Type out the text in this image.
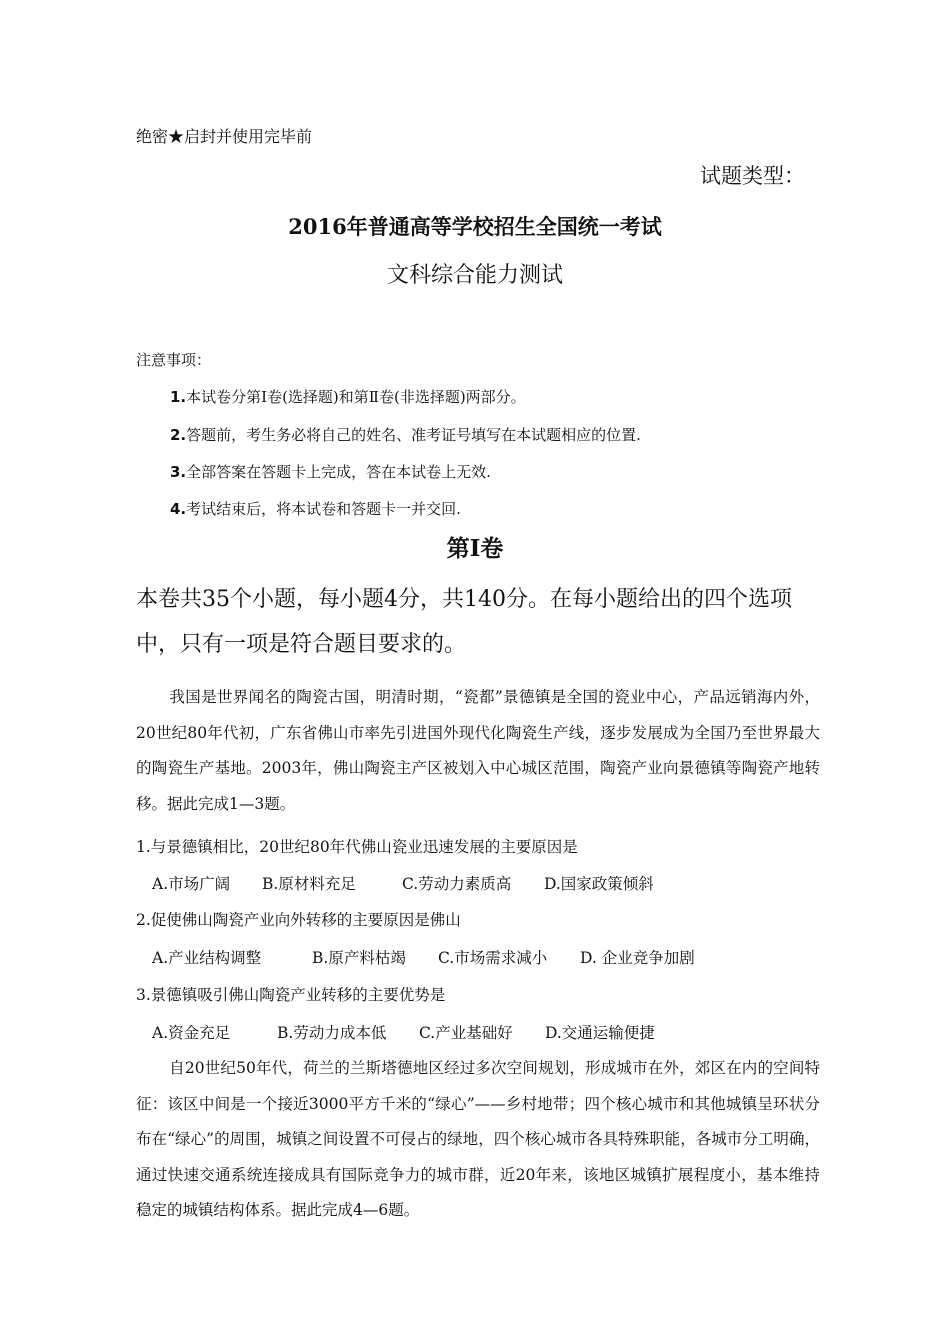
绝密★启封并使用完毕前
试题类型：
2016年普通高等学校招生全国统一考试
文科综合能力测试
注意事项：
1.本试卷分第Ⅰ卷(选择题)和第Ⅱ卷(非选择题)两部分。
2.答题前，考生务必将自己的姓名、准考证号填写在本试题相应的位置.
3.全部答案在答题卡上完成，答在本试卷上无效.
4.考试结束后，将本试卷和答题卡一并交回.
第Ⅰ卷
本卷共35个小题，每小题4分，共140分。在每小题给出的四个选项中，只有一项是符合题目要求的。
我国是世界闻名的陶瓷古国，明清时期，“瓷都”景德镇是全国的瓷业中心，产品远销海内外，20世纪80年代初，广东省佛山市率先引进国外现代化陶瓷生产线，逐步发展成为全国乃至世界最大的陶瓷生产基地。2003年，佛山陶瓷主产区被划入中心城区范围，陶瓷产业向景德镇等陶瓷产地转移。据此完成1—3题。
1.与景德镇相比，20世纪80年代佛山瓷业迅速发展的主要原因是
A.市场广阔 B.原材料充足	C.劳动力素质高 D.国家政策倾斜
2.促使佛山陶瓷产业向外转移的主要原因是佛山
A.产业结构调整	B.原产料枯竭 C.市场需求减小 D. 企业竞争加剧
3.景德镇吸引佛山陶瓷产业转移的主要优势是
A.资金充足	B.劳动力成本低 C.产业基础好 D.交通运输便捷
自20世纪50年代，荷兰的兰斯塔德地区经过多次空间规划，形成城市在外，郊区在内的空间特征：该区中间是一个接近3000平方千米的“绿心”——乡村地带；四个核心城市和其他城镇呈环状分布在“绿心”的周围，城镇之间设置不可侵占的绿地，四个核心城市各具特殊职能，各城市分工明确，通过快速交通系统连接成具有国际竞争力的城市群，近20年来，该地区城镇扩展程度小，基本维持稳定的城镇结构体系。据此完成4—6题。
